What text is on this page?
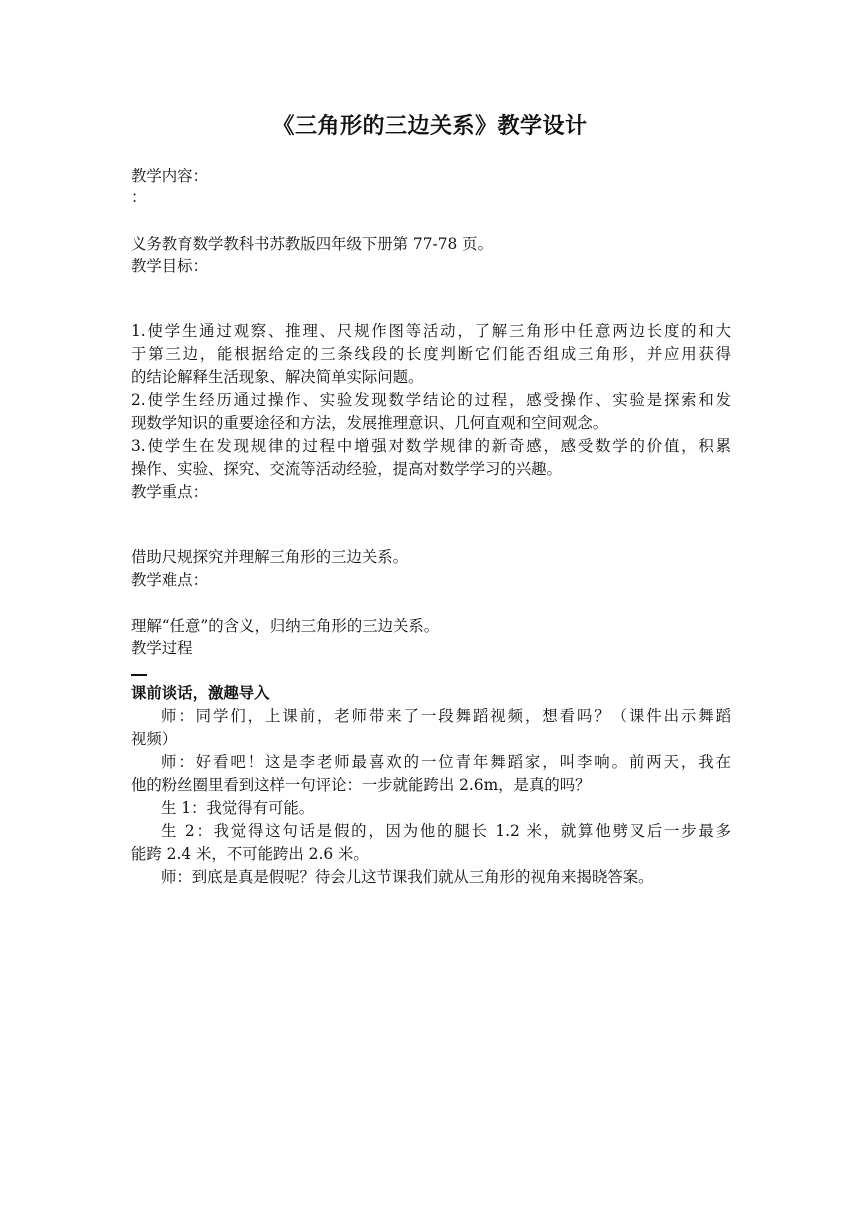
《三角形的三边关系》教学设计
教学内容：
：
义务教育数学教科书苏教版四年级下册第 77-78 页。
教学目标：
1.使学生通过观察、推理、尺规作图等活动，了解三角形中任意两边长度的和大
于第三边，能根据给定的三条线段的长度判断它们能否组成三角形，并应用获得
的结论解释生活现象、解决简单实际问题。
2.使学生经历通过操作、实验发现数学结论的过程，感受操作、实验是探索和发
现数学知识的重要途径和方法，发展推理意识、几何直观和空间观念。
3.使学生在发现规律的过程中增强对数学规律的新奇感，感受数学的价值，积累
操作、实验、探究、交流等活动经验，提高对数学学习的兴趣。
教学重点：
借助尺规探究并理解三角形的三边关系。
教学难点：
理解“任意”的含义，归纳三角形的三边关系。
教学过程
课前谈话，激趣导入
师：同学们，上课前，老师带来了一段舞蹈视频，想看吗？（课件出示舞蹈
视频）
师：好看吧！这是李老师最喜欢的一位青年舞蹈家，叫李响。前两天，我在
他的粉丝圈里看到这样一句评论：一步就能跨出 2.6m，是真的吗？
生 1：我觉得有可能。
生 2：我觉得这句话是假的，因为他的腿长 1.2 米，就算他劈叉后一步最多
能跨 2.4 米，不可能跨出 2.6 米。
师：到底是真是假呢？待会儿这节课我们就从三角形的视角来揭晓答案。
